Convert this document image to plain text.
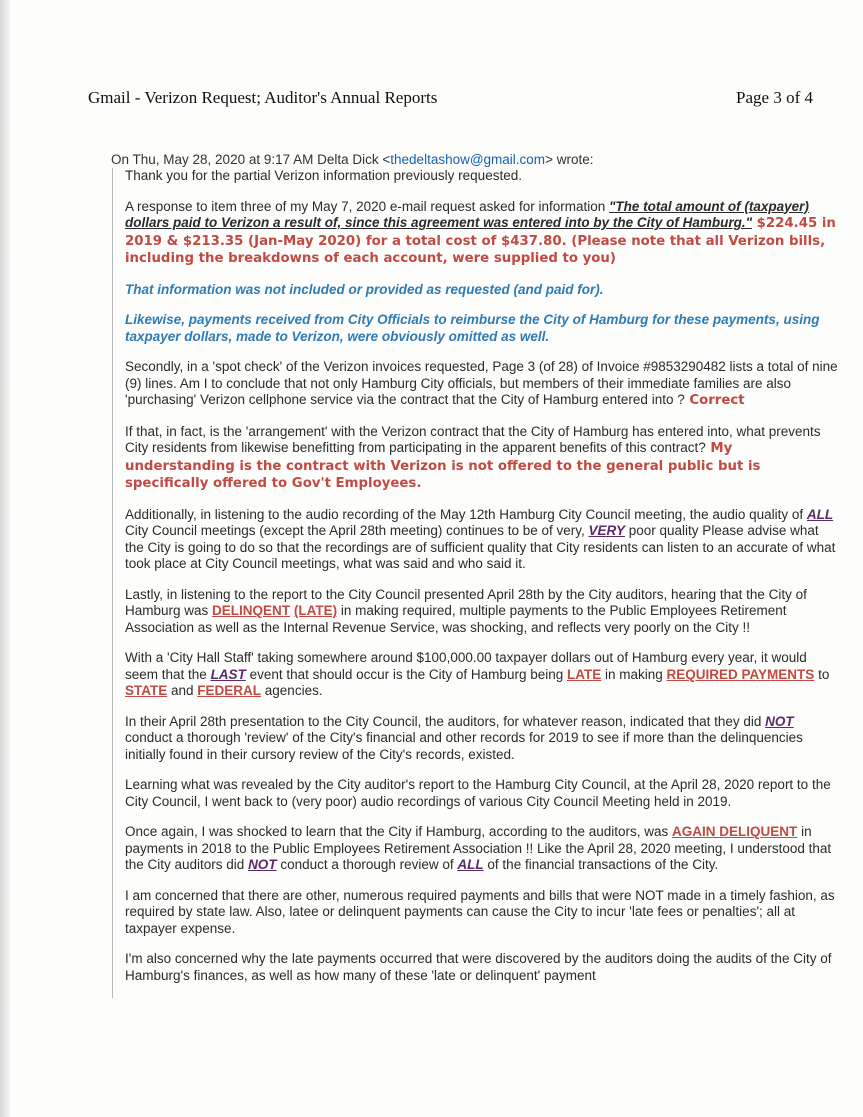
Gmail - Verizon Request; Auditor's Annual Reports	Page 3 of 4
On Thu, May 28, 2020 at 9:17 AM Delta Dick <thedeltashow@gmail.com> wrote:

Thank you for the partial Verizon information previously requested.

A response to item three of my May 7, 2020 e-mail request asked for information "The total amount of (taxpayer) dollars paid to Verizon a result of, since this agreement was entered into by the City of Hamburg." $224.45 in 2019 & $213.35 (Jan-May 2020) for a total cost of $437.80. (Please note that all Verizon bills, including the breakdowns of each account, were supplied to you)

That information was not included or provided as requested (and paid for).

Likewise, payments received from City Officials to reimburse the City of Hamburg for these payments, using taxpayer dollars, made to Verizon, were obviously omitted as well.

Secondly, in a 'spot check' of the Verizon invoices requested, Page 3 (of 28) of Invoice #9853290482 lists a total of nine (9) lines. Am I to conclude that not only Hamburg City officials, but members of their immediate families are also 'purchasing' Verizon cellphone service via the contract that the City of Hamburg entered into ? Correct

If that, in fact, is the 'arrangement' with the Verizon contract that the City of Hamburg has entered into, what prevents City residents from likewise benefitting from participating in the apparent benefits of this contract? My understanding is the contract with Verizon is not offered to the general public but is specifically offered to Gov't Employees.

Additionally, in listening to the audio recording of the May 12th Hamburg City Council meeting, the audio quality of ALL City Council meetings (except the April 28th meeting) continues to be of very, VERY poor quality Please advise what the City is going to do so that the recordings are of sufficient quality that City residents can listen to an accurate of what took place at City Council meetings, what was said and who said it.

Lastly, in listening to the report to the City Council presented April 28th by the City auditors, hearing that the City of Hamburg was DELINQENT (LATE) in making required, multiple payments to the Public Employees Retirement Association as well as the Internal Revenue Service, was shocking, and reflects very poorly on the City !!

With a 'City Hall Staff' taking somewhere around $100,000.00 taxpayer dollars out of Hamburg every year, it would seem that the LAST event that should occur is the City of Hamburg being LATE in making REQUIRED PAYMENTS to STATE and FEDERAL agencies.

In their April 28th presentation to the City Council, the auditors, for whatever reason, indicated that they did NOT conduct a thorough 'review' of the City's financial and other records for 2019 to see if more than the delinquencies initially found in their cursory review of the City's records, existed.

Learning what was revealed by the City auditor's report to the Hamburg City Council, at the April 28, 2020 report to the City Council, I went back to (very poor) audio recordings of various City Council Meeting held in 2019.

Once again, I was shocked to learn that the City if Hamburg, according to the auditors, was AGAIN DELIQUENT in payments in 2018 to the Public Employees Retirement Association !! Like the April 28, 2020 meeting, I understood that the City auditors did NOT conduct a thorough review of ALL of the financial transactions of the City.

I am concerned that there are other, numerous required payments and bills that were NOT made in a timely fashion, as required by state law. Also, latee or delinquent payments can cause the City to incur 'late fees or penalties'; all at taxpayer expense.

I'm also concerned why the late payments occurred that were discovered by the auditors doing the audits of the City of Hamburg's finances, as well as how many of these 'late or delinquent' payment
